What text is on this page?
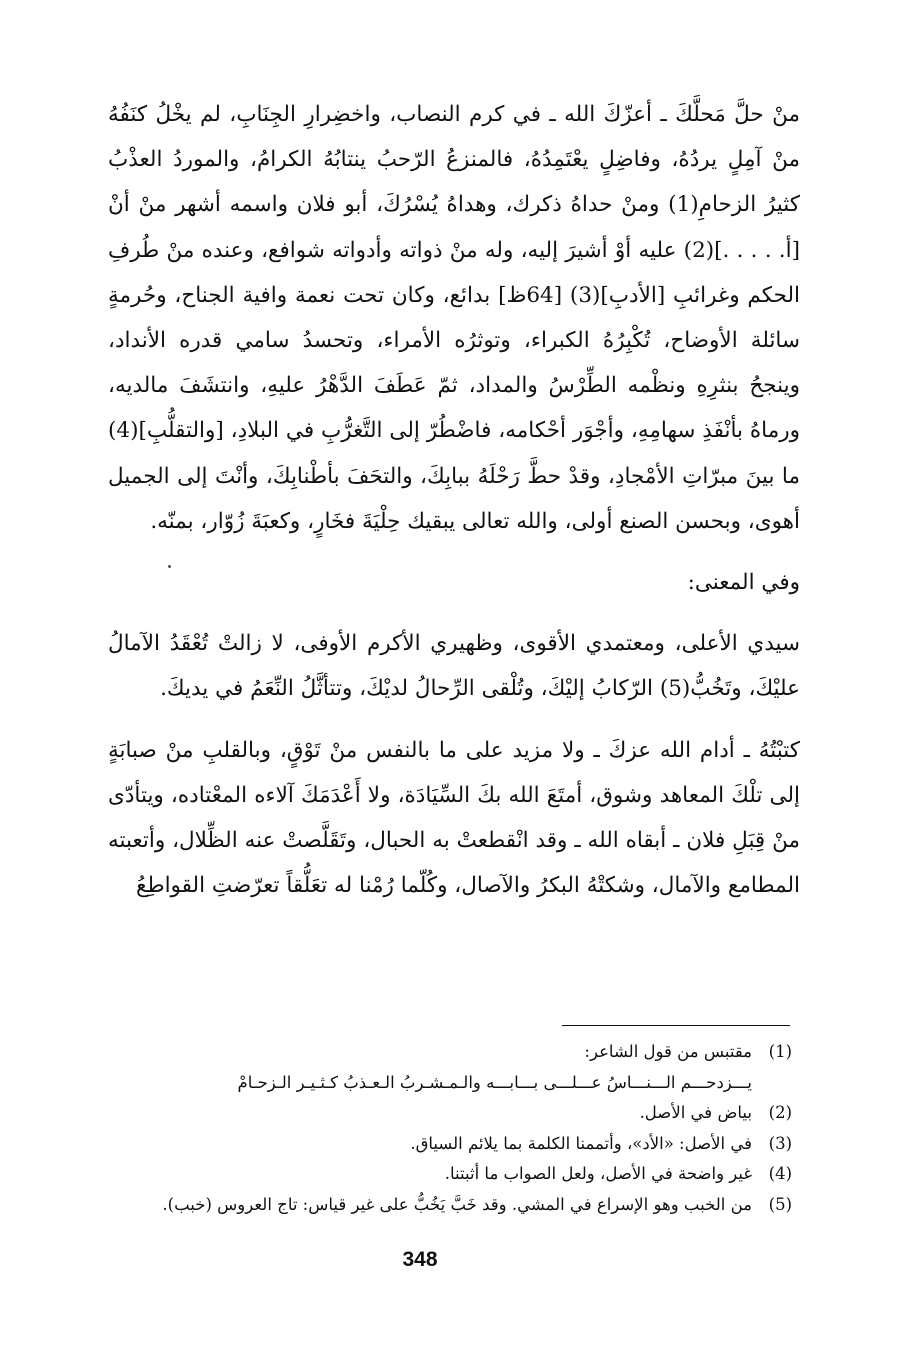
منْ حلَّ مَحلَّكَ ـ أعزّكَ الله ـ في كرم النصاب، واخضِرارِ الجِنَابِ، لم يخْلُ كنَفُهُ منْ آمِلٍ يردُهُ، وفاضِلٍ يعْتَمِدُهُ، فالمنزعُ الرّحبُ ينتابُهُ الكرامُ، والموردُ العذْبُ كثيرُ الزحامِ(1) ومنْ حداهُ ذكرك، وهداهُ يُسْرُكَ، أبو فلان واسمه أشهر منْ أنْ [أ. . . . .](2) عليه أوْ أشيرَ إليه، وله منْ ذواته وأدواته شوافع، وعنده منْ طُرفِ الحكم وغرائبِ [الأدبِ](3) [64ظ] بدائع، وكان تحت نعمة وافية الجناح، وحُرمةٍ سائلة الأوضاح، تُكْبِرُهُ الكبراء، وتوثرُه الأمراء، وتحسدُ سامي قدره الأنداد، وينجحُ بنثرِهِ ونظْمه الطِّرْسُ والمداد، ثمّ عَطَفَ الدَّهْرُ عليهِ، وانتشَفَ مالديه، ورماهُ بأنْفَذِ سهامِهِ، وأجْوَر أحْكامه، فاضْطُرّ إلى التَّغرُّبِ في البلادِ، [والتقلُّبِ](4) ما بينَ مبرّاتِ الأمْجادِ، وقدْ حطَّ رَحْلَهُ ببابِكَ، والتحَفَ بأطْنابِكَ، وأنْتَ إلى الجميل أهوى، وبحسن الصنع أولى، والله تعالى يبقيك حِلْيَةَ فخَارٍ، وكعبَةَ زُوّار، بمنّه.

وفي المعنى:

سيدي الأعلى، ومعتمدي الأقوى، وظهيري الأكرم الأوفى، لا زالتْ تُعْقَدُ الآمالُ عليْكَ، وتَخُبُّ(5) الرّكابُ إليْكَ، وتُلْقى الرِّحالُ لديْكَ، وتتأثَّلُ النِّعَمُ في يديكَ.

كتبْتُهُ ـ أدام الله عزكَ ـ ولا مزيد على ما بالنفس منْ تَوْقٍ، وبالقلبِ منْ صبابَةٍ إلى تلْكَ المعاهد وشوق، أمتَعَ الله بكَ السِّيَادَة، ولا أَعْدَمَكَ آلاءه المعْتاده، ويتأدّى منْ قِبَلِ فلان ـ أبقاه الله ـ وقد انْقطعتْ به الحبال، وتَقَلَّصتْ عنه الظِّلال، وأتعبته المطامع والآمال، وشكتْهُ البكرُ والآصال، وكُلّما رُمْنا له تعَلُّقاً تعرّضتِ القواطِعُ

(1)
مقتبس من قول الشاعر:
يـــزدحـــم الـــنـــاسُ عـــلـــى بـــابـــه والـمـشـربُ الـعـذبُ كـثـيـر الـزحـامْ
(2)
بياض في الأصل.
(3)
في الأصل: «الأد»، وأتممنا الكلمة بما يلائم السياق.
(4)
غير واضحة في الأصل، ولعل الصواب ما أثبتنا.
(5)
من الخبب وهو الإسراع في المشي. وقد خَبَّ يَخُبُّ على غير قياس: تاج العروس (خبب).
348
